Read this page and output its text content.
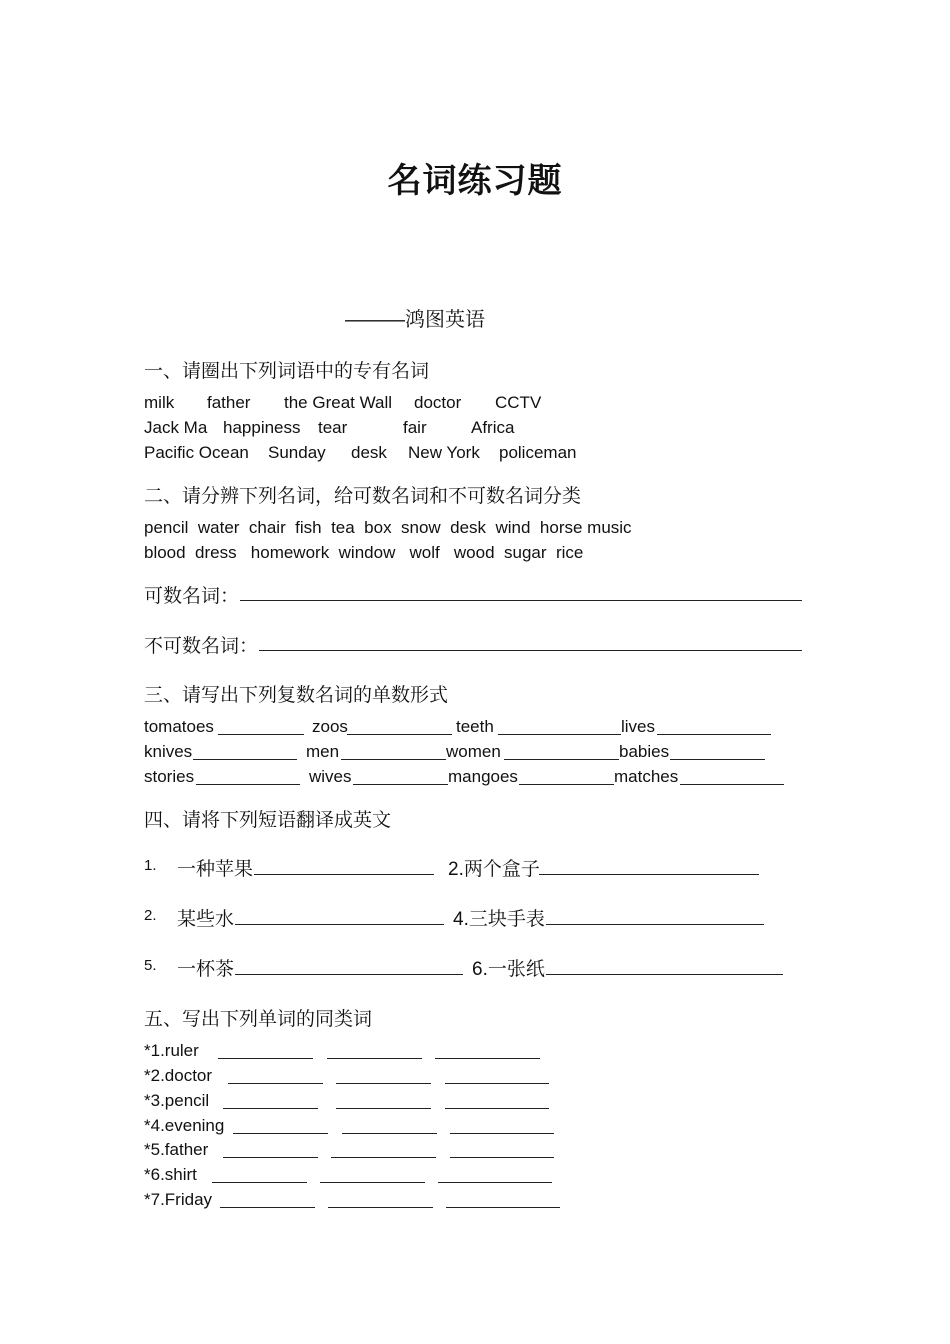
名词练习题
———鸿图英语
一、请圈出下列词语中的专有名词
milk father the Great Wall doctor CCTV
Jack Ma happiness tear	fair	Africa
Pacific Ocean Sunday desk New York policeman
二、请分辨下列名词，给可数名词和不可数名词分类
pencil  water  chair  fish  tea  box  snow  desk  wind  horse music
blood  dress   homework  window   wolf   wood  sugar  rice
可数名词：
不可数名词：
三、请写出下列复数名词的单数形式
tomatoes	zoos	teeth	lives
knives	men	women	babies
stories	wives	mangoes	matches
四、请将下列短语翻译成英文
1. 一种苹果	2.两个盒子
2. 某些水	4.三块手表
5. 一杯茶	6.一张纸
五、写出下列单词的同类词
*1.ruler
*2.doctor
*3.pencil
*4.evening
*5.father
*6.shirt
*7.Friday
